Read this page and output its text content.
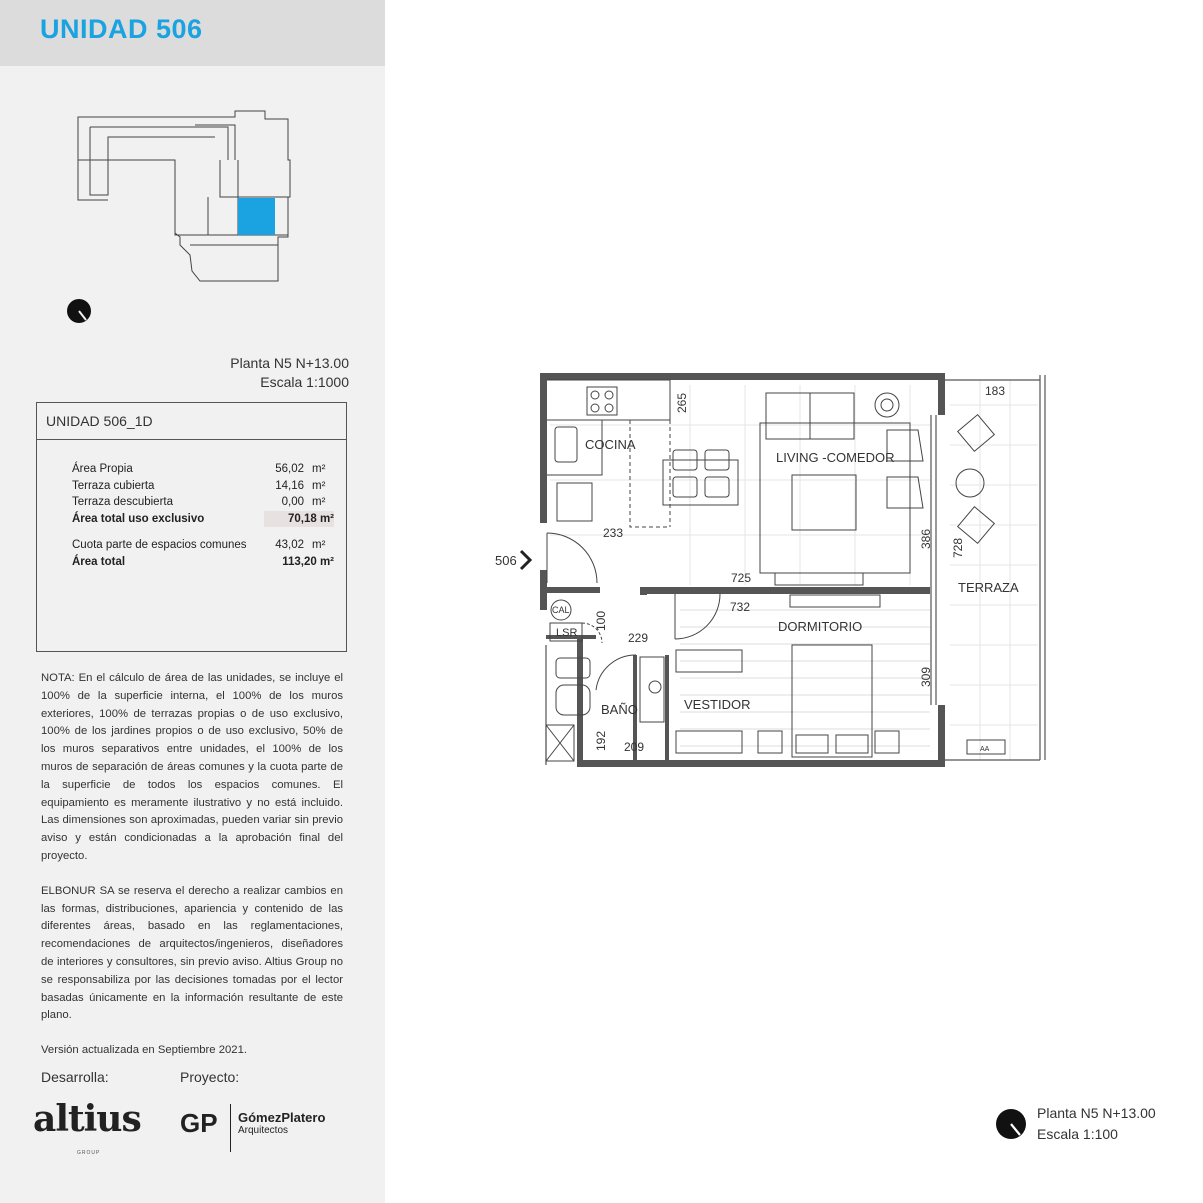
UNIDAD 506
Planta N5 N+13.00
Escala 1:1000
UNIDAD 506_1D
Área Propia	56,02 m²
Terraza cubierta	14,16 m²
Terraza descubierta	0,00 m²
Área total uso exclusivo	70,18 m²
Cuota parte de espacios comunes 43,02 m²
Área total	113,20 m²

NOTA: En el cálculo de área de las unidades, se incluye el 100% de la superficie interna, el 100% de los muros exteriores, 100% de terrazas propias o de uso exclusivo, 100% de los jardines propios o de uso exclusivo, 50% de los muros separativos entre unidades, el 100% de los muros de separación de áreas comunes y la cuota parte de la superficie de todos los espacios comunes. El equipamiento es meramente ilustrativo y no está incluido. Las dimensiones son aproximadas, pueden variar sin previo aviso y están condicionadas a la aprobación final del proyecto.

ELBONUR SA se reserva el derecho a realizar cambios en las formas, distribuciones, apariencia y contenido de las diferentes áreas, basado en las reglamentaciones, recomendaciones de arquitectos/ingenieros, diseñadores de interiores y consultores, sin previo aviso. Altius Group no se responsabiliza por las decisiones tomadas por el lector basadas únicamente en la información resultante de este plano.

Versión actualizada en Septiembre 2021.

Desarrolla:	Proyecto:
altius
GROUP
GP GómezPlatero
Arquitectos
COCINA
LIVING -COMEDOR
DORMITORIO
BAÑO	VESTIDOR
TERRAZA
CAL
LSR
AA
506
183
265
233	386 728
725
732
100
229
309
192 209
Planta N5 N+13.00
Escala 1:100
